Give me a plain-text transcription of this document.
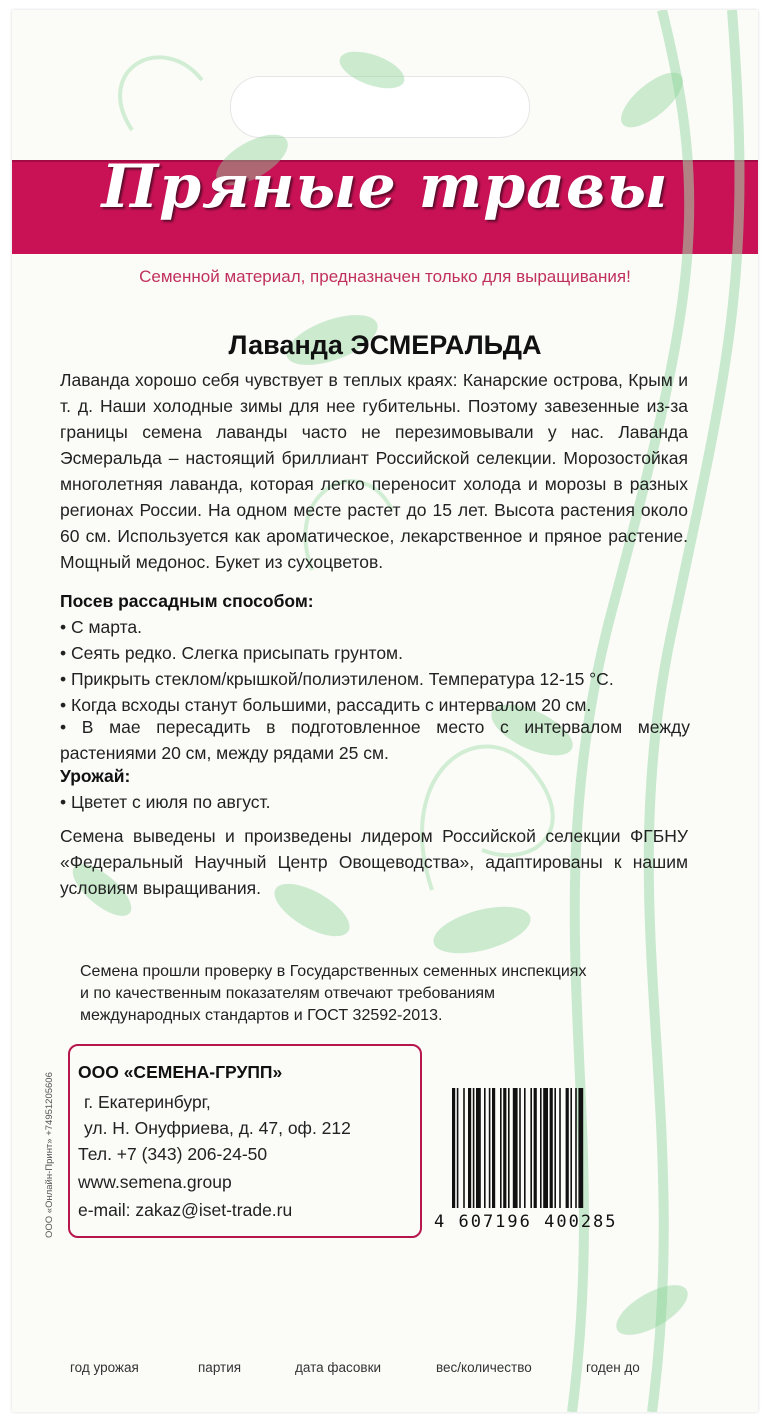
Пряные травы
Семенной материал, предназначен только для выращивания!
Лаванда ЭСМЕРАЛЬДА
Лаванда хорошо себя чувствует в теплых краях: Канарские острова, Крым и т. д. Наши холодные зимы для нее губительны. Поэтому завезенные из-за границы семена лаванды часто не перезимовывали у нас. Лаванда Эсмеральда – настоящий бриллиант Российской селекции. Морозостойкая многолетняя лаванда, которая легко переносит холода и морозы в разных регионах России. На одном месте растет до 15 лет. Высота растения около 60 см. Используется как ароматическое, лекарственное и пряное растение. Мощный медонос. Букет из сухоцветов.
Посев рассадным способом:
• С марта.
• Сеять редко. Слегка присыпать грунтом.
• Прикрыть стеклом/крышкой/полиэтиленом. Температура 12-15 °С.
• Когда всходы станут большими, рассадить с интервалом 20 см.
• В мае пересадить в подготовленное место с интервалом между растениями 20 см, между рядами 25 см.
Урожай:
• Цветет с июля по август.
Семена выведены и произведены лидером Российской селекции ФГБНУ «Федеральный Научный Центр Овощеводства», адаптированы к нашим условиям выращивания.
Семена прошли проверку в Государственных семенных инспекциях
и по качественным показателям отвечают требованиям
международных стандартов и ГОСТ 32592-2013.
ООО «Онлайн-Принт» +74951205606
ООО «СЕМЕНА-ГРУПП»
г. Екатеринбург,
ул. Н. Онуфриева, д. 47, оф. 212
Тел. +7 (343) 206-24-50
www.semena.group
e-mail: zakaz@iset-trade.ru
4 607196 400285
год урожая	партия	дата фасовки	вес/количество	годен до
